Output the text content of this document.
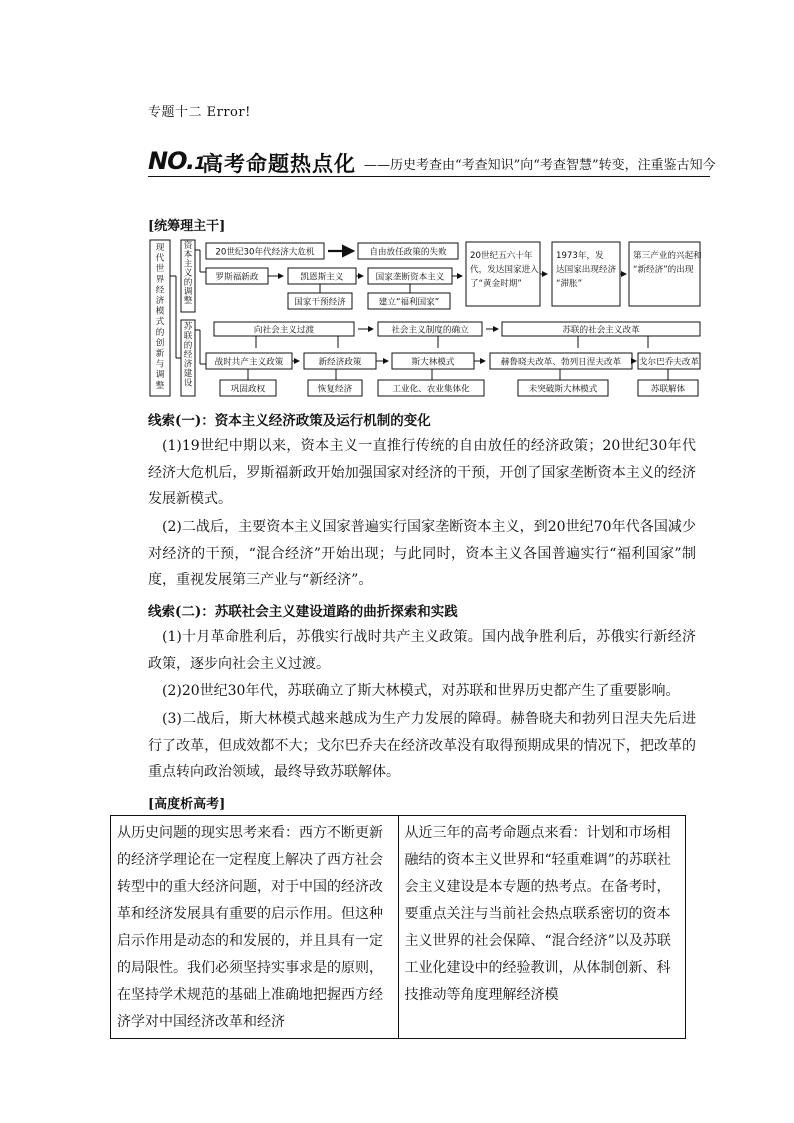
专题十二 Error!
NO.1
高考命题热点化 ——历史考查由“考查知识”向“考查智慧”转变，注重鉴古知今
[统筹理主干]
现代世界经济模式的创新与调整
资本主义的调整
苏联的经济建设
20世纪30年代经济大危机	自由放任政策的失败
罗斯福新政	凯恩斯主义	国家垄断资本主义
国家干预经济	建立“福利国家”
20世纪五六十年代，发达国家进入了“黄金时期”
1973年，发达国家出现经济“滞胀”
第三产业的兴起和“新经济”的出现
向社会主义过渡	社会主义制度的确立	苏联的社会主义改革
战时共产主义政策	新经济政策	斯大林模式	赫鲁晓夫改革、勃列日涅夫改革 戈尔巴乔夫改革
巩固政权	恢复经济	工业化、农业集体化	未突破斯大林模式	苏联解体
线索(一)：资本主义经济政策及运行机制的变化
(1)19世纪中期以来，资本主义一直推行传统的自由放任的经济政策；20世纪30年代经济大危机后，罗斯福新政开始加强国家对经济的干预，开创了国家垄断资本主义的经济发展新模式。
(2)二战后，主要资本主义国家普遍实行国家垄断资本主义，到20世纪70年代各国减少对经济的干预，“混合经济”开始出现；与此同时，资本主义各国普遍实行“福利国家”制度，重视发展第三产业与“新经济”。
线索(二)：苏联社会主义建设道路的曲折探索和实践
(1)十月革命胜利后，苏俄实行战时共产主义政策。国内战争胜利后，苏俄实行新经济政策，逐步向社会主义过渡。
(2)20世纪30年代，苏联确立了斯大林模式，对苏联和世界历史都产生了重要影响。
(3)二战后，斯大林模式越来越成为生产力发展的障碍。赫鲁晓夫和勃列日涅夫先后进行了改革，但成效都不大；戈尔巴乔夫在经济改革没有取得预期成果的情况下，把改革的重点转向政治领域，最终导致苏联解体。
[高度析高考]
从历史问题的现实思考来看：西方不断更新的经济学理论在一定程度上解决了西方社会转型中的重大经济问题，对于中国的经济改革和经济发展具有重要的启示作用。但这种启示作用是动态的和发展的，并且具有一定的局限性。我们必须坚持实事求是的原则，在坚持学术规范的基础上准确地把握西方经济学对中国经济改革和经济	从近三年的高考命题点来看：计划和市场相融结的资本主义世界和“轻重难调”的苏联社会主义建设是本专题的热考点。在备考时，要重点关注与当前社会热点联系密切的资本主义世界的社会保障、“混合经济”以及苏联工业化建设中的经验教训，从体制创新、科技推动等角度理解经济模
